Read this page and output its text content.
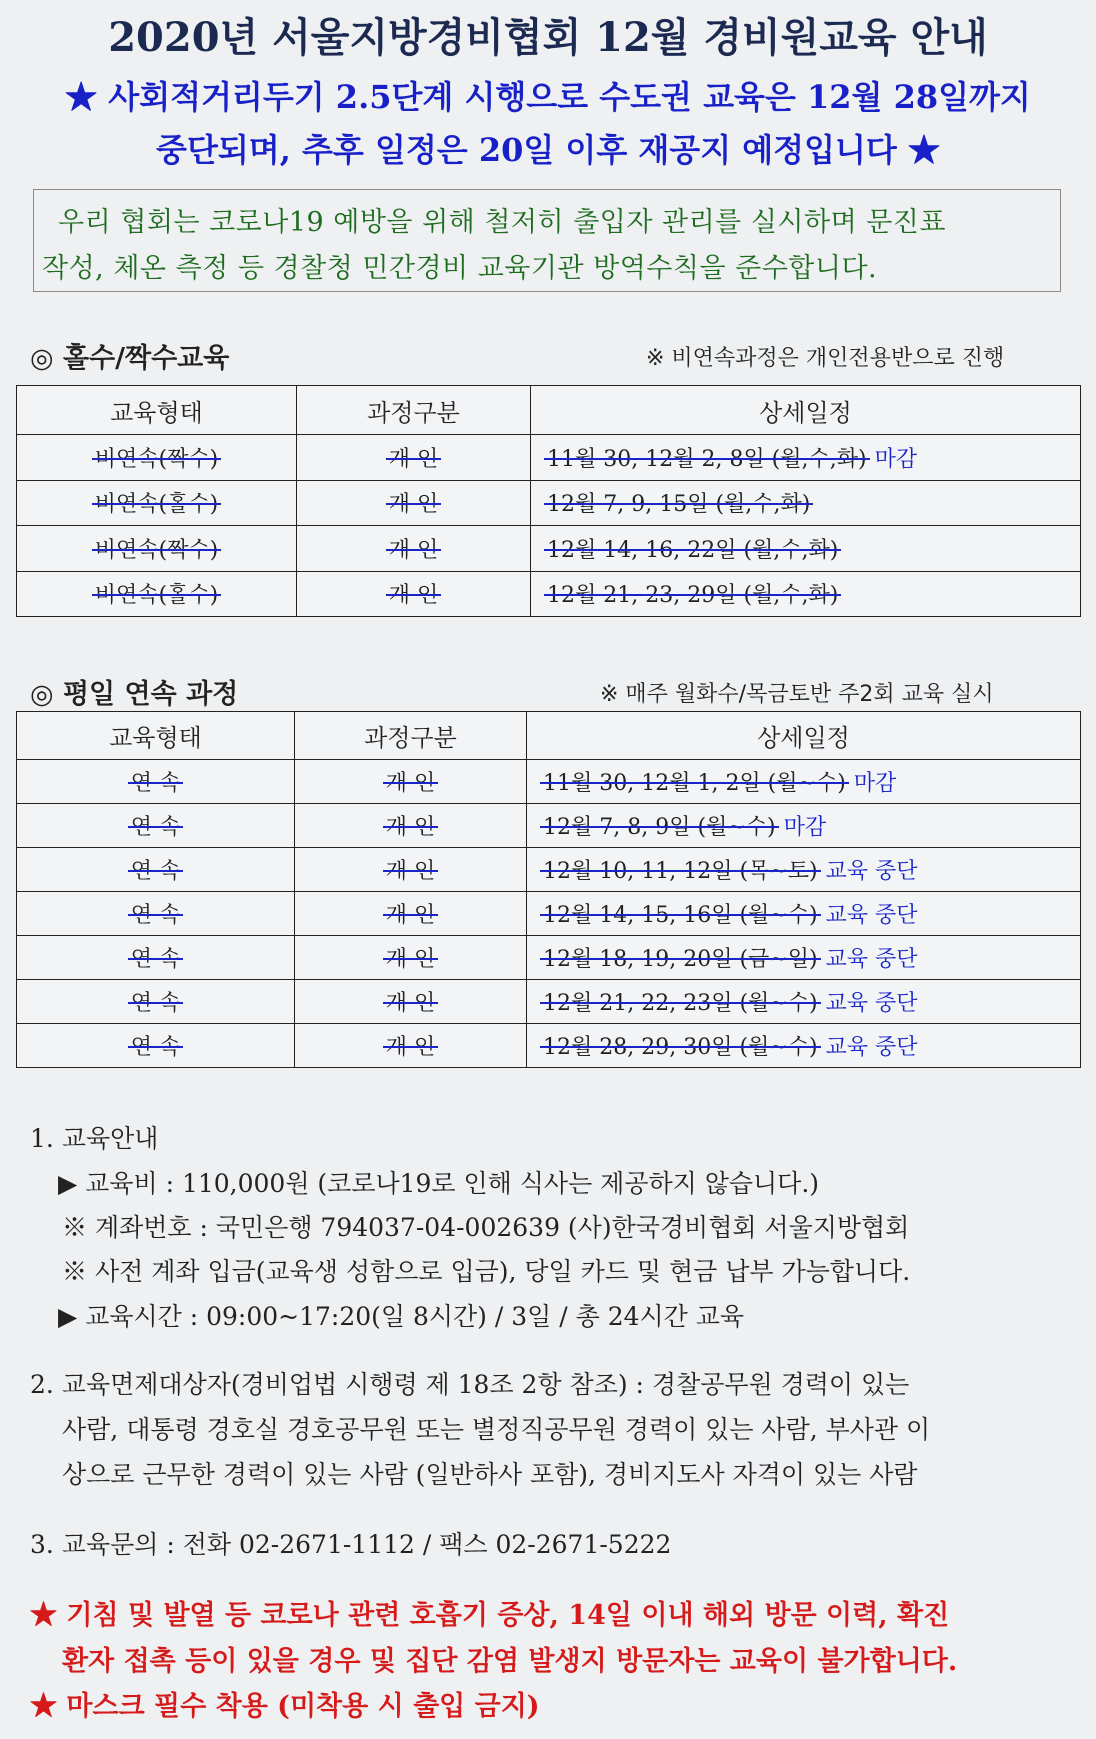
2020년 서울지방경비협회 12월 경비원교육 안내
★ 사회적거리두기 2.5단계 시행으로 수도권 교육은 12월 28일까지
중단되며, 추후 일정은 20일 이후 재공지 예정입니다 ★
우리 협회는 코로나19 예방을 위해 철저히 출입자 관리를 실시하며 문진표
작성, 체온 측정 등 경찰청 민간경비 교육기관 방역수칙을 준수합니다.
◎ 홀수/짝수교육	※ 비연속과정은 개인전용반으로 진행
교육형태	과정구분	상세일정
비연속(짝수)	개 인	11월 30, 12월 2, 8일 (월,수,화) 마감
비연속(홀수)	개 인	12월 7, 9, 15일 (월,수,화)
비연속(짝수)	개 인	12월 14, 16, 22일 (월,수,화)
비연속(홀수)	개 인	12월 21, 23, 29일 (월,수,화)
◎ 평일 연속 과정	※ 매주 월화수/목금토반 주2회 교육 실시
교육형태	과정구분	상세일정
연 속	개 인	11월 30, 12월 1, 2일 (월~수) 마감
연 속	개 인	12월 7, 8, 9일 (월~수) 마감
연 속	개 인	12월 10, 11, 12일 (목~토) 교육 중단
연 속	개 인	12월 14, 15, 16일 (월~수) 교육 중단
연 속	개 인	12월 18, 19, 20일 (금~일) 교육 중단
연 속	개 인	12월 21, 22, 23일 (월~수) 교육 중단
연 속	개 인	12월 28, 29, 30일 (월~수) 교육 중단
1. 교육안내
▶ 교육비 : 110,000원 (코로나19로 인해 식사는 제공하지 않습니다.)
※ 계좌번호 : 국민은행 794037-04-002639 (사)한국경비협회 서울지방협회
※ 사전 계좌 입금(교육생 성함으로 입금), 당일 카드 및 현금 납부 가능합니다.
▶ 교육시간 : 09:00~17:20(일 8시간) / 3일 / 총 24시간 교육
2. 교육면제대상자(경비업법 시행령 제 18조 2항 참조) : 경찰공무원 경력이 있는
사람, 대통령 경호실 경호공무원 또는 별정직공무원 경력이 있는 사람, 부사관 이
상으로 근무한 경력이 있는 사람 (일반하사 포함), 경비지도사 자격이 있는 사람
3. 교육문의 : 전화 02-2671-1112 / 팩스 02-2671-5222
★ 기침 및 발열 등 코로나 관련 호흡기 증상, 14일 이내 해외 방문 이력, 확진
환자 접촉 등이 있을 경우 및 집단 감염 발생지 방문자는 교육이 불가합니다.
★ 마스크 필수 착용 (미착용 시 출입 금지)
